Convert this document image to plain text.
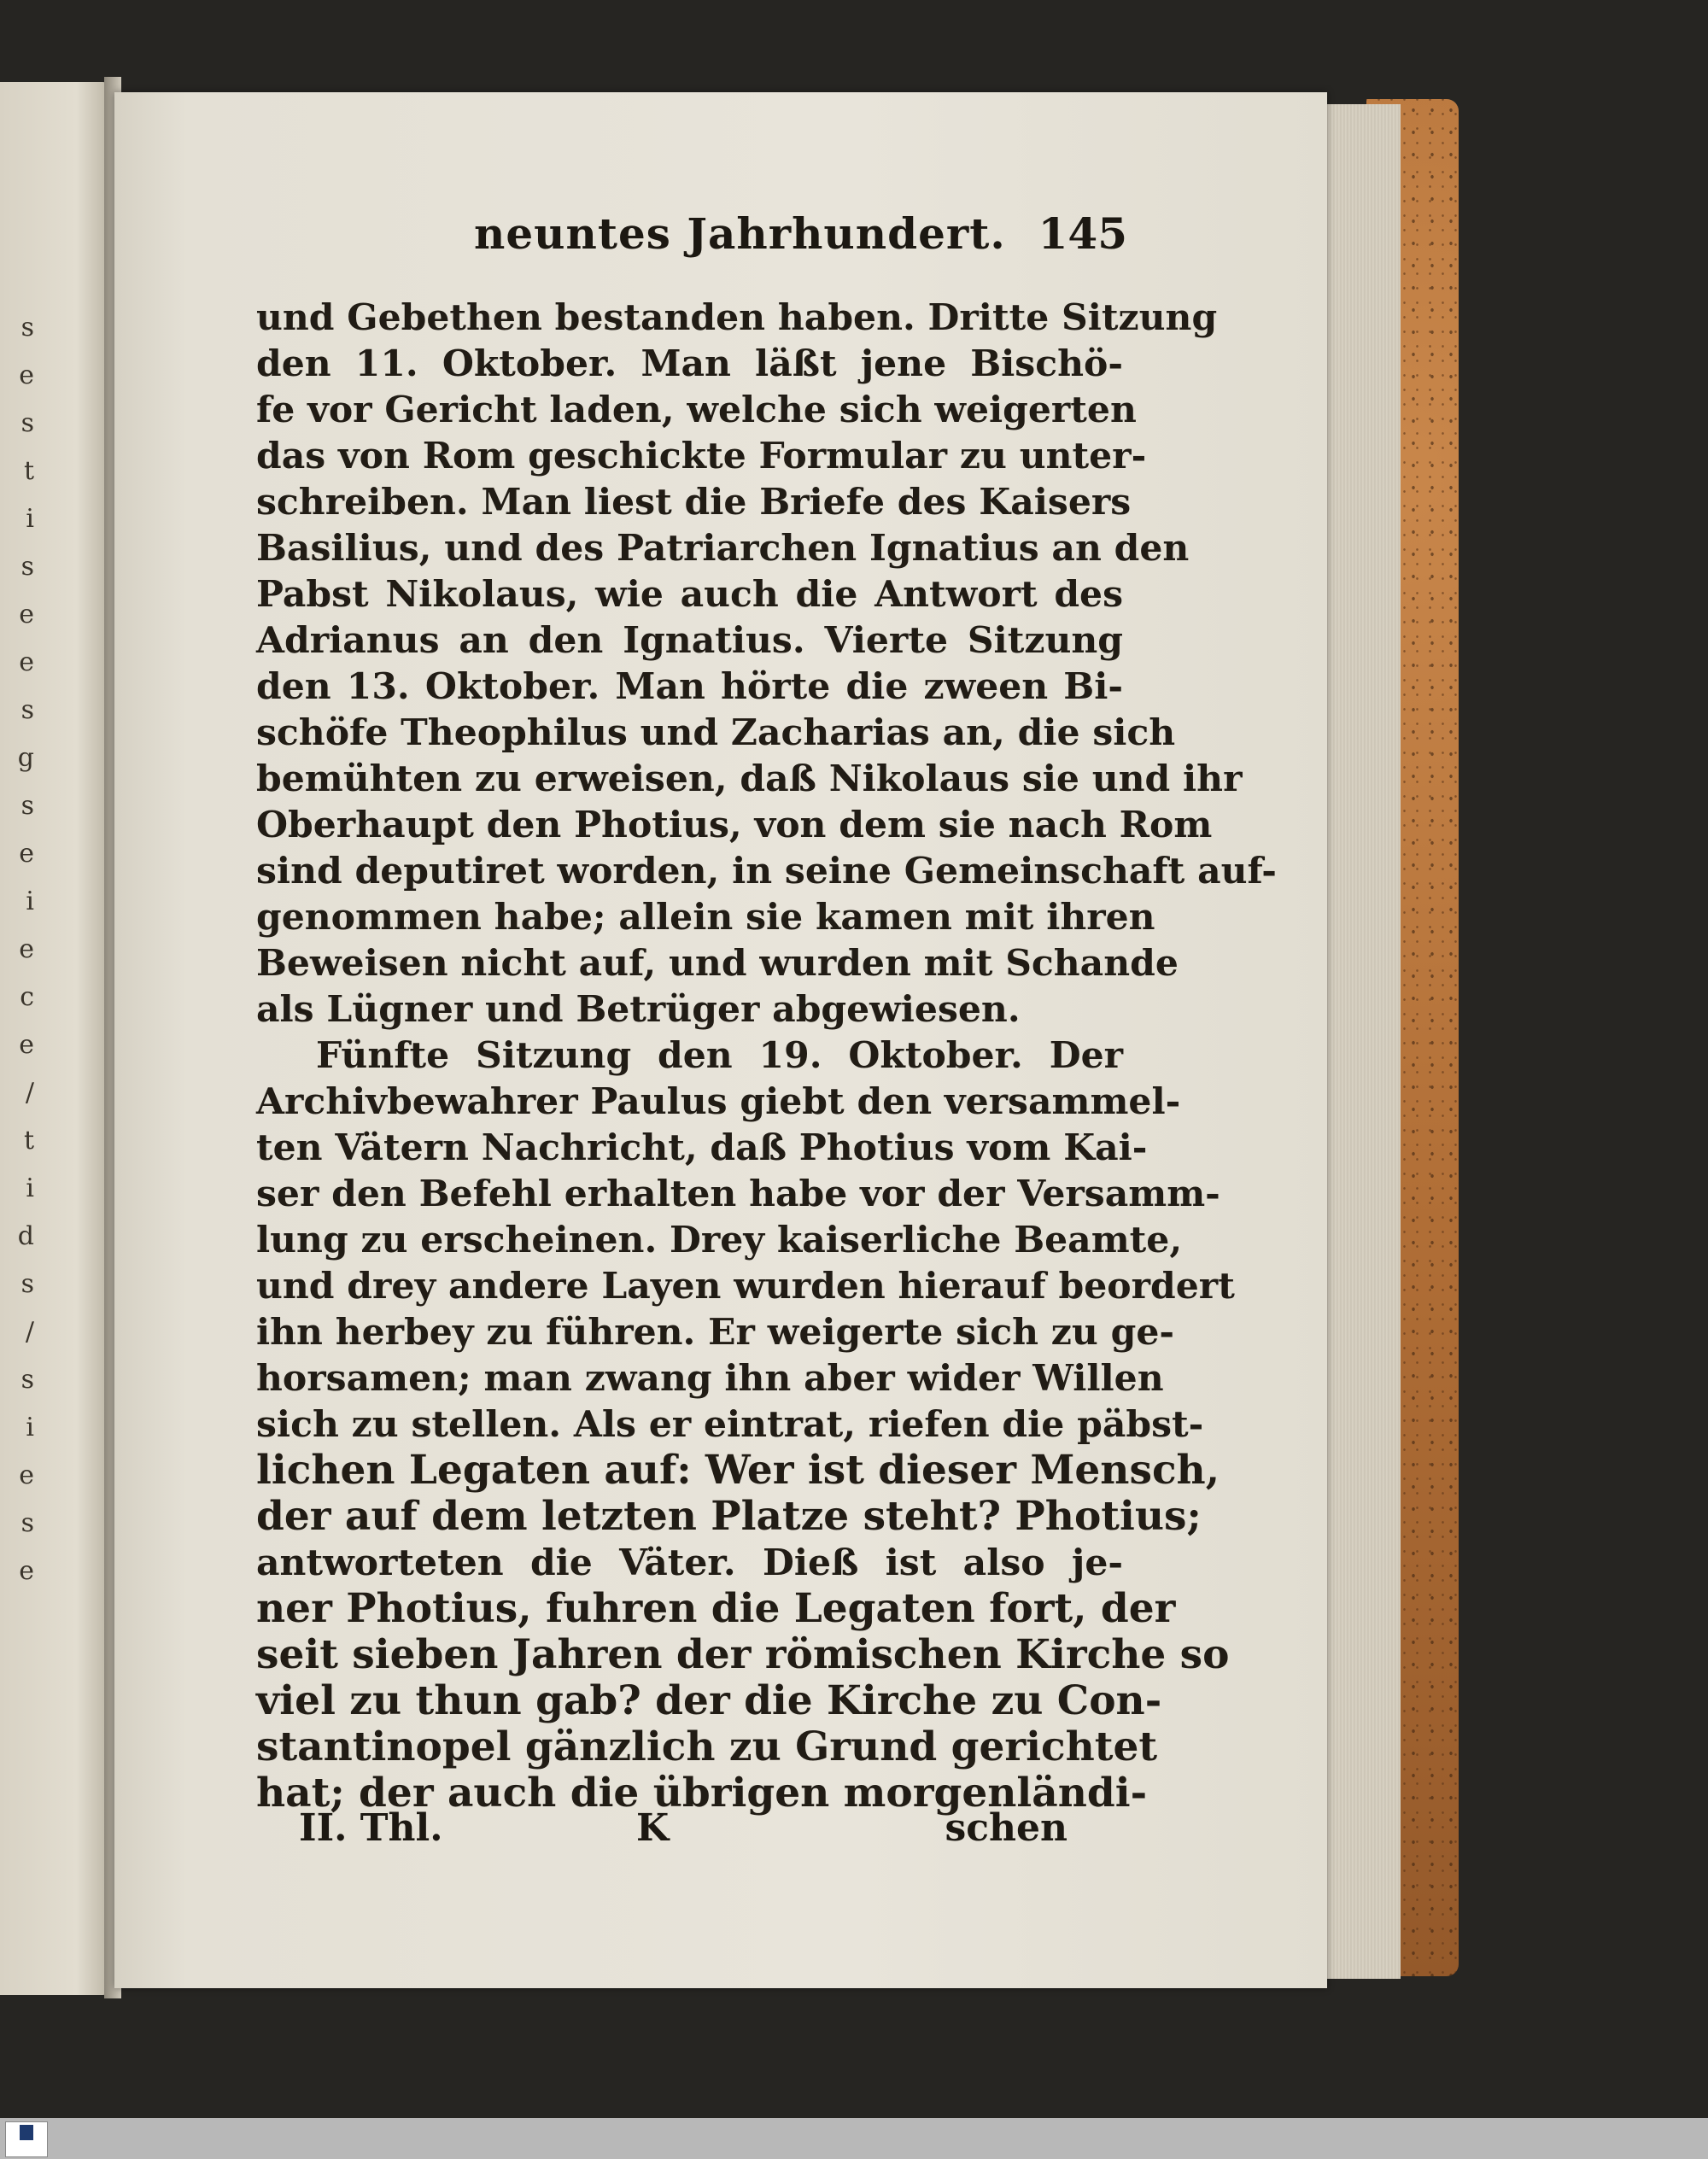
s
e
s
t
i
s
e
e
s
g
s
e
i
e
c
e
/
t
i
d
s
/
s
i
e
s
e
neuntes Jahrhundert. 145
und Gebethen bestanden haben. Dritte Sitzung
den 11. Oktober. Man läßt jene Bischö-
fe vor Gericht laden, welche sich weigerten
das von Rom geschickte Formular zu unter-
schreiben. Man liest die Briefe des Kaisers
Basilius, und des Patriarchen Ignatius an den
Pabst Nikolaus, wie auch die Antwort des
Adrianus an den Ignatius. Vierte Sitzung
den 13. Oktober. Man hörte die zween Bi-
schöfe Theophilus und Zacharias an, die sich
bemühten zu erweisen, daß Nikolaus sie und ihr
Oberhaupt den Photius, von dem sie nach Rom
sind deputiret worden, in seine Gemeinschaft auf-
genommen habe; allein sie kamen mit ihren
Beweisen nicht auf, und wurden mit Schande
als Lügner und Betrüger abgewiesen.
Fünfte Sitzung den 19. Oktober. Der
Archivbewahrer Paulus giebt den versammel-
ten Vätern Nachricht, daß Photius vom Kai-
ser den Befehl erhalten habe vor der Versamm-
lung zu erscheinen. Drey kaiserliche Beamte,
und drey andere Layen wurden hierauf beordert
ihn herbey zu führen. Er weigerte sich zu ge-
horsamen; man zwang ihn aber wider Willen
sich zu stellen. Als er eintrat, riefen die päbst-
lichen Legaten auf: Wer ist dieser Mensch,
der auf dem letzten Platze steht? Photius;
antworteten die Väter. Dieß ist also je-
ner Photius, fuhren die Legaten fort, der
seit sieben Jahren der römischen Kirche so
viel zu thun gab? der die Kirche zu Con-
stantinopel gänzlich zu Grund gerichtet
hat; der auch die übrigen morgenländi-
II. Thl.	K	schen
